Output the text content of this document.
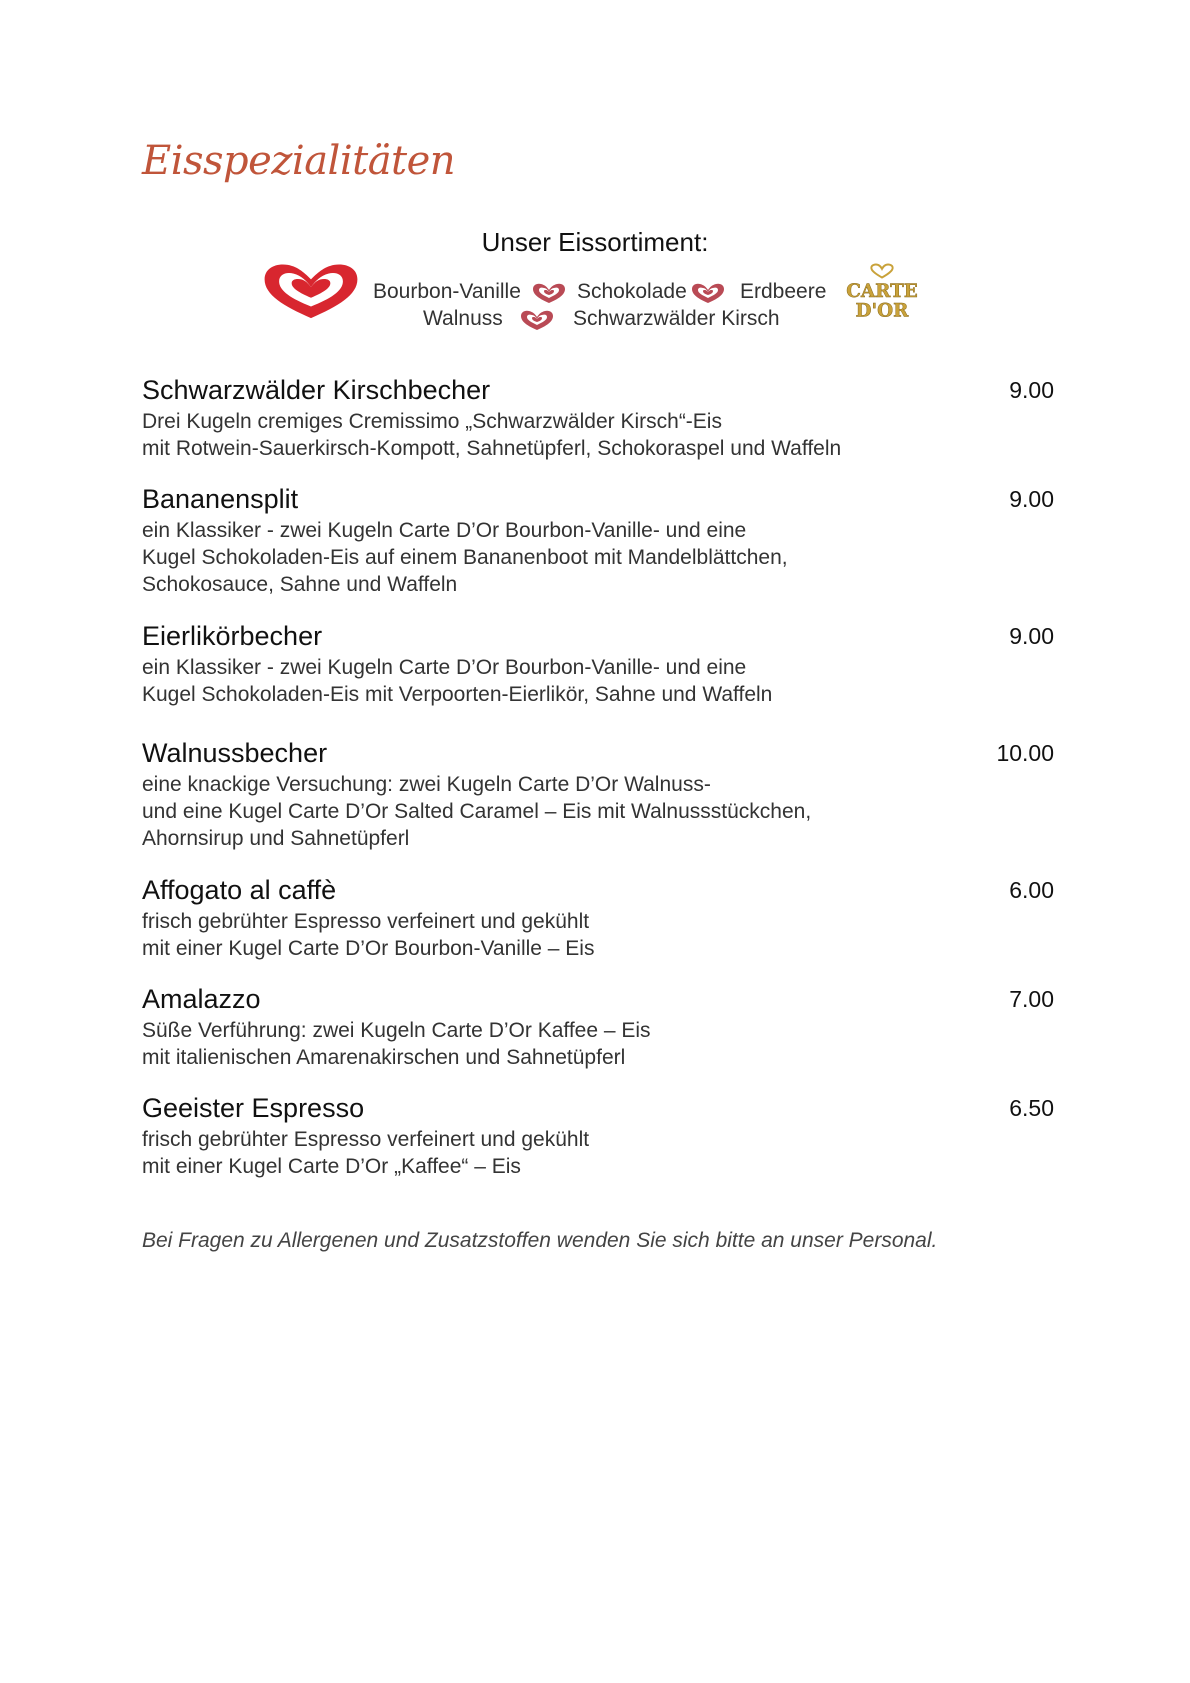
Eisspezialitäten
Unser Eissortiment:
CARTE
D'OR
Bourbon-Vanille	Schokolade	Erdbeere
Walnuss	Schwarzwälder Kirsch
Schwarzwälder Kirschbecher	9.00
Drei Kugeln cremiges Cremissimo „Schwarzwälder Kirsch“-Eis
mit Rotwein-Sauerkirsch-Kompott, Sahnetüpferl, Schokoraspel und Waffeln
Bananensplit	9.00
ein Klassiker - zwei Kugeln Carte D’Or Bourbon-Vanille- und eine
Kugel Schokoladen-Eis auf einem Bananenboot mit Mandelblättchen,
Schokosauce, Sahne und Waffeln
Eierlikörbecher	9.00
ein Klassiker - zwei Kugeln Carte D’Or Bourbon-Vanille- und eine
Kugel Schokoladen-Eis mit Verpoorten-Eierlikör, Sahne und Waffeln
Walnussbecher	10.00
eine knackige Versuchung: zwei Kugeln Carte D’Or Walnuss-
und eine Kugel Carte D’Or Salted Caramel – Eis mit Walnussstückchen,
Ahornsirup und Sahnetüpferl
Affogato al caffè	6.00
frisch gebrühter Espresso verfeinert und gekühlt
mit einer Kugel Carte D’Or Bourbon-Vanille – Eis
Amalazzo	7.00
Süße Verführung: zwei Kugeln Carte D’Or Kaffee – Eis
mit italienischen Amarenakirschen und Sahnetüpferl
Geeister Espresso	6.50
frisch gebrühter Espresso verfeinert und gekühlt
mit einer Kugel Carte D’Or „Kaffee“ – Eis
Bei Fragen zu Allergenen und Zusatzstoffen wenden Sie sich bitte an unser Personal.
